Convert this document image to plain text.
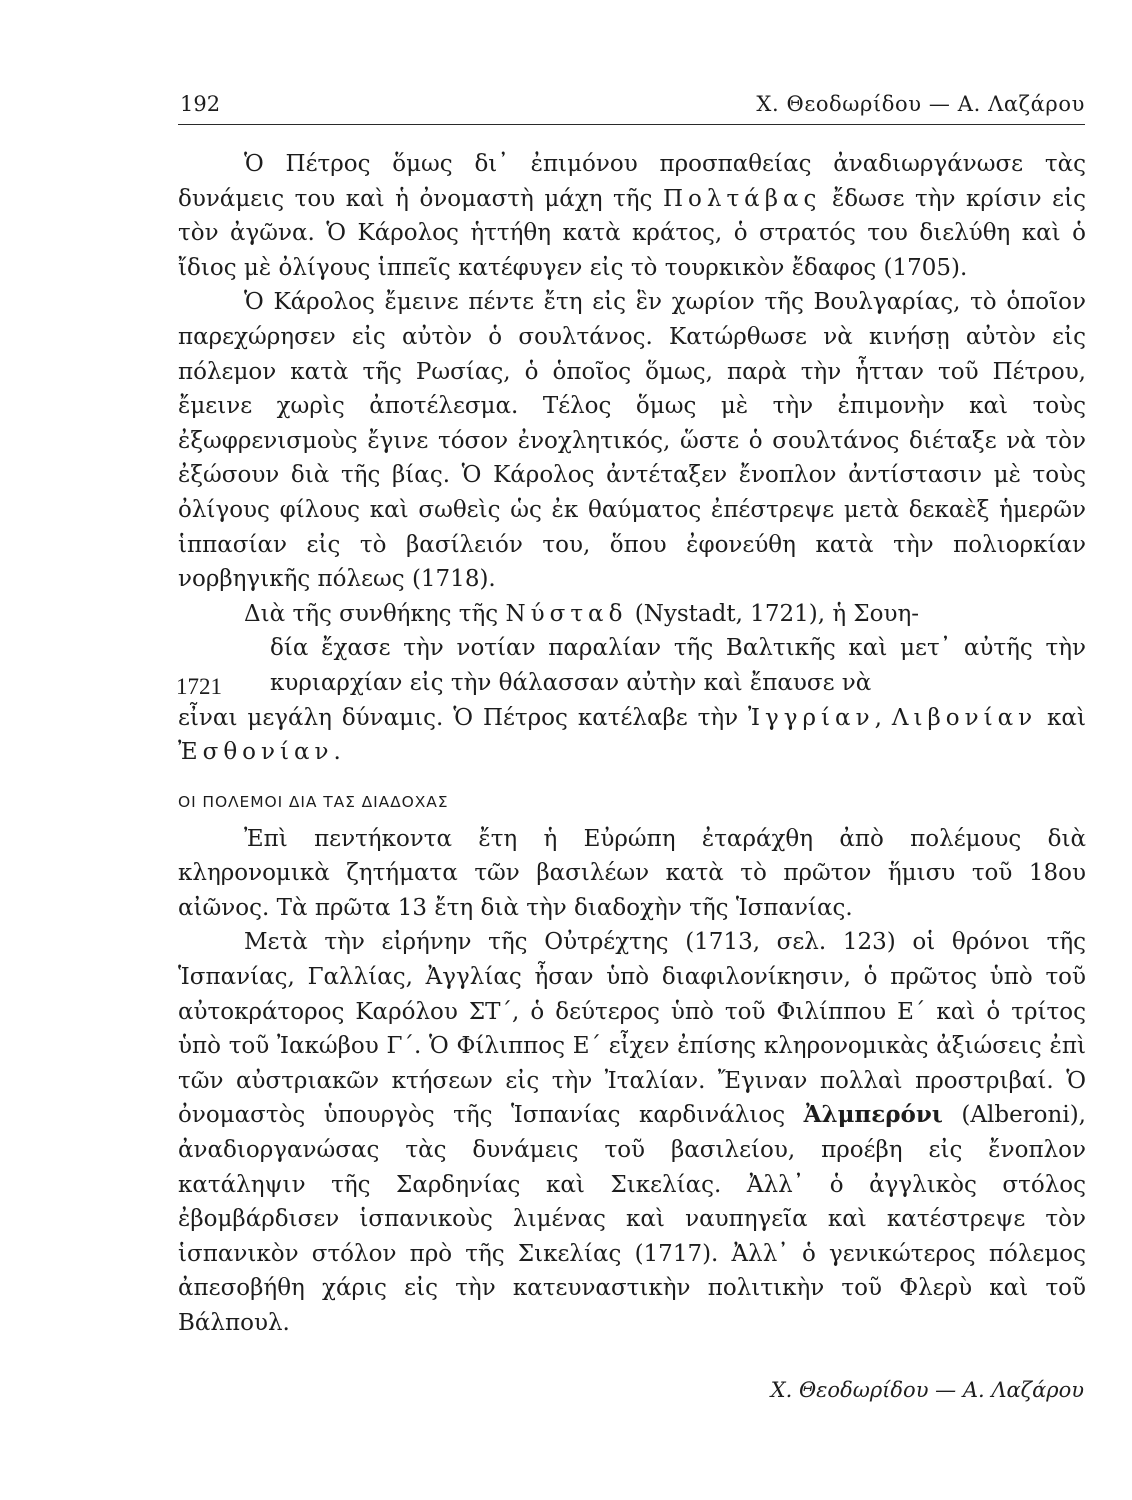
192	Χ. Θεοδωρίδου — Α. Λαζάρου
1721

Ὁ Πέτρος ὅμως δι᾽ ἐπιμόνου προσπαθείας ἀναδιωργάνωσε τὰς δυνάμεις του καὶ ἡ ὀνομαστὴ μάχη τῆς Πολτάβας ἔδωσε τὴν κρίσιν εἰς τὸν ἀγῶνα. Ὁ Κάρολος ἡττήθη κατὰ κράτος, ὁ στρατός του διελύθη καὶ ὁ ἴδιος μὲ ὀλίγους ἱππεῖς κατέφυγεν εἰς τὸ τουρκικὸν ἔδαφος (1705).

Ὁ Κάρολος ἔμεινε πέντε ἔτη εἰς ἓν χωρίον τῆς Βουλγαρίας, τὸ ὁποῖον παρεχώρησεν εἰς αὐτὸν ὁ σουλτάνος. Κατώρθωσε νὰ κινήσῃ αὐτὸν εἰς πόλεμον κατὰ τῆς Ρωσίας, ὁ ὁποῖος ὅμως, παρὰ τὴν ἧτταν τοῦ Πέτρου, ἔμεινε χωρὶς ἀποτέλεσμα. Τέλος ὅμως μὲ τὴν ἐπιμονὴν καὶ τοὺς ἐξωφρενισμοὺς ἔγινε τόσον ἐνοχλητικός, ὥστε ὁ σουλτάνος διέταξε νὰ τὸν ἐξώσουν διὰ τῆς βίας. Ὁ Κάρολος ἀντέταξεν ἔνοπλον ἀντίστασιν μὲ τοὺς ὀλίγους φίλους καὶ σωθεὶς ὡς ἐκ θαύματος ἐπέστρεψε μετὰ δεκαὲξ ἡμερῶν ἱππασίαν εἰς τὸ βασίλειόν του, ὅπου ἐφονεύθη κατὰ τὴν πολιορκίαν νορβηγικῆς πόλεως (1718).

Διὰ τῆς συνθήκης τῆς Νύσταδ (Nystadt, 1721), ἡ Σουη-

δία ἔχασε τὴν νοτίαν παραλίαν τῆς Βαλτικῆς καὶ μετ᾽ αὐτῆς τὴν κυριαρχίαν εἰς τὴν θάλασσαν αὐτὴν καὶ ἔπαυσε νὰ

εἶναι μεγάλη δύναμις. Ὁ Πέτρος κατέλαβε τὴν Ἰγγρίαν, Λιβονίαν καὶ Ἐσθονίαν.

ΟΙ ΠΟΛΕΜΟΙ ΔΙΑ ΤΑΣ ΔΙΑΔΟΧΑΣ

Ἐπὶ πεντήκοντα ἔτη ἡ Εὐρώπη ἐταράχθη ἀπὸ πολέμους διὰ κληρονομικὰ ζητήματα τῶν βασιλέων κατὰ τὸ πρῶτον ἥμισυ τοῦ 18ου αἰῶνος. Τὰ πρῶτα 13 ἔτη διὰ τὴν διαδοχὴν τῆς Ἱσπανίας.

Μετὰ τὴν εἰρήνην τῆς Οὐτρέχτης (1713, σελ. 123) οἱ θρόνοι τῆς Ἱσπανίας, Γαλλίας, Ἀγγλίας ἦσαν ὑπὸ διαφιλονίκησιν, ὁ πρῶτος ὑπὸ τοῦ αὐτοκράτορος Καρόλου ΣΤ΄, ὁ δεύτερος ὑπὸ τοῦ Φιλίππου Ε΄ καὶ ὁ τρίτος ὑπὸ τοῦ Ἰακώβου Γ΄. Ὁ Φίλιππος Ε΄ εἶχεν ἐπίσης κληρονομικὰς ἀξιώσεις ἐπὶ τῶν αὐστριακῶν κτήσεων εἰς τὴν Ἰταλίαν. Ἔγιναν πολλαὶ προστριβαί. Ὁ ὀνομαστὸς ὑπουργὸς τῆς Ἱσπανίας καρδινάλιος Ἀλμπερόνι (Alberoni), ἀναδιοργανώσας τὰς δυνάμεις τοῦ βασιλείου, προέβη εἰς ἔνοπλον κατάληψιν τῆς Σαρδηνίας καὶ Σικελίας. Ἀλλ᾽ ὁ ἀγγλικὸς στόλος ἐβομβάρδισεν ἱσπανικοὺς λιμένας καὶ ναυπηγεῖα καὶ κατέστρεψε τὸν ἱσπανικὸν στόλον πρὸ τῆς Σικελίας (1717). Ἀλλ᾽ ὁ γενικώτερος πόλεμος ἀπεσοβήθη χάρις εἰς τὴν κατευναστικὴν πολιτικὴν τοῦ Φλερὺ καὶ τοῦ Βάλπουλ.

Χ. Θεοδωρίδου — Α. Λαζάρου
